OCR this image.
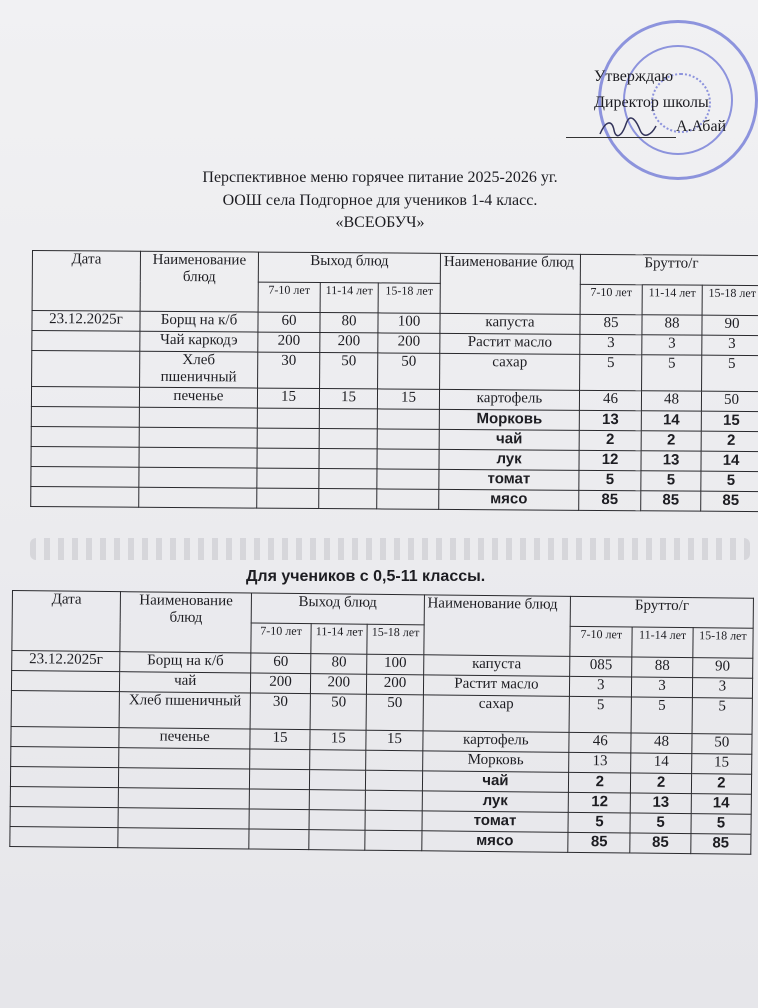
Утверждаю
Директор школы
А.Абай
Перспективное меню горячее питание 2025-2026 уг.
ООШ села Подгорное для учеников 1-4 класс.
«ВСЕОБУЧ»
Дата	Наименование блюд	Выход блюд			Наименование блюд	Брутто/г		
		7-10 лет	11-14 лет	15-18 лет		7-10 лет	11-14 лет	15-18 лет
23.12.2025г	Борщ на к/б	60	80	100	капуста	85	88	90
	Чай каркодэ	200	200	200	Растит масло	3	3	3
	Хлеб пшеничный	30	50	50	сахар	5	5	5
	печенье	15	15	15	картофель	46	48	50
					Морковь	13	14	15
					чай	2	2	2
					лук	12	13	14
					томат	5	5	5
					мясо	85	85	85
Для учеников с 0,5-11 классы.
Дата	Наименование блюд	Выход блюд			Наименование блюд	Брутто/г		
		7-10 лет	11-14 лет	15-18 лет		7-10 лет	11-14 лет	15-18 лет
23.12.2025г	Борщ на к/б	60	80	100	капуста	085	88	90
	чай	200	200	200	Растит масло	3	3	3
	Хлеб пшеничный	30	50	50	сахар	5	5	5
	печенье	15	15	15	картофель	46	48	50
					Морковь	13	14	15
					чай	2	2	2
					лук	12	13	14
					томат	5	5	5
					мясо	85	85	85
